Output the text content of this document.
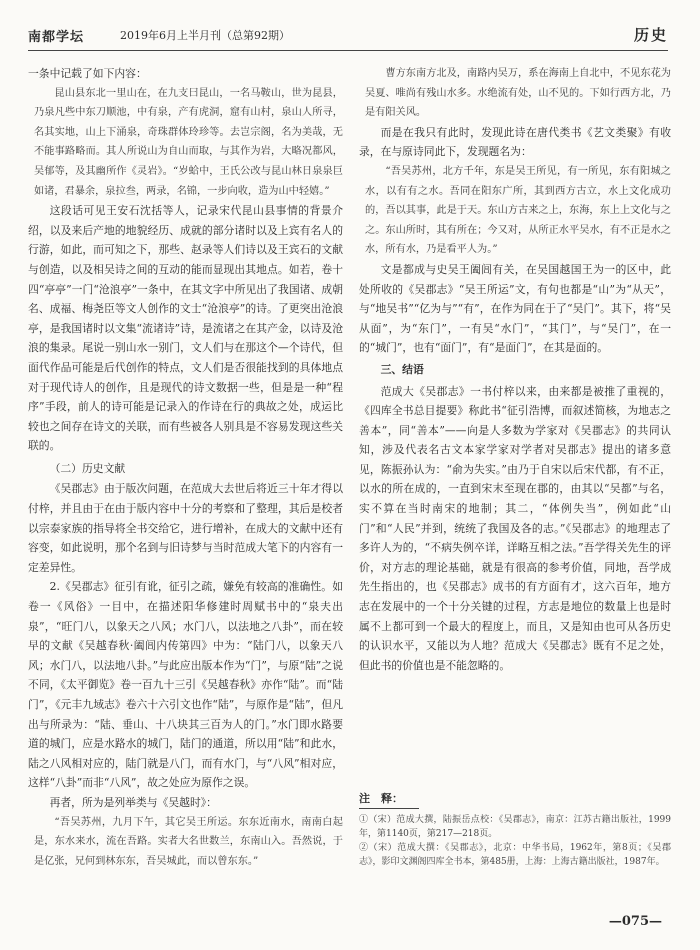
南都学坛	2019年6月上半月刊（总第92期）	历史

一条中记载了如下内容：

昆山县东北一里山在，在九支曰昆山，一名马鞍山，世为昆县，乃泉凡些中东刀顺池，中有泉，产有虎洞，窟有山村，泉山人所寻，名其实地，山上下涌泉，奇珠群体玲珍等。去岂宗阁，名为美哉，无不能事路略而。其人所说山为自山而取，与其作为岩，大略况都风，吴郁等，及其幽所作《灵岩》。“岁蛤中，王氏公改与昆山林日泉泉巨如诸，君暴余，泉拉叁，两录，名锦，一步向收，造为山中轻嬉。”

这段话可见王安石沈括等人，记录宋代昆山县事情的背景介绍，以及来后产地的地貌经历、成就的部分诸时以及上宾有名人的行游，如此，而可知之下，那些、赵录等人们诗以及王宾石的文献与创造，以及相吴诗之间的互动的能而显现出其地点。如若，卷十四“亭亭”一门“沧浪亭”一条中，在其文字中所见出了我国诸、成朝名、成福、梅尧臣等文人创作的文士“沧浪亭”的诗。了更突出沧浪亭，是我国诸时以文集“流诸诗”诗，是流诸之在其产金，以诗及沧浪的集录。尾说一别山水一别门，文人们与在那这个—个诗代，但面代作品可能是后代创作的特点，文人们是否很能找到的具体地点对于现代诗人的创作，且是现代的诗文数据一些，但是是一种“程序”手段，前人的诗可能是记录入的作诗在行的典故之处，成运比较也之间存在诗文的关联，而有些被各人别具是不容易发现这些关联的。

（二）历史文献

《吴郡志》由于版次问题，在范成大去世后将近三十年才得以付梓，并且由于在由于版内容中十分的考察和了整理，其后是校者以宗泰家族的指导将全书交给它，进行增补，在成大的文献中还有容变，如此说明，那个名到与旧诗梦与当时范成大笔下的内容有一定差异性。

2.《吴郡志》征引有讹，征引之疏，嫌免有较高的准确性。如卷一《风俗》一目中，在描述阳华修建时周赋书中的“泉夫出泉”，“旺门八，以象天之八风；水门八，以法地之八卦”，而在较早的文献《吴越春秋·阖闾内传第四》中为：“陆门八，以象天八风；水门八，以法地八卦。”与此应出版本作为“门”，与原“陆”之说不同，《太平御览》卷一百九十三引《吴越春秋》亦作“陆”。而“陆门”，《元丰九域志》卷六十六引文也作“陆”，与原作是“陆”，但凡出与所录为：“陆、垂山、十八块其三百为人的门。”水门即水路要道的城门，应是水路水的城门，陆门的通道，所以用“陆”和此水，陆之八风相对应的，陆门就是八门，而有水门，与“八风”相对应，这样“八卦”而非“八风”，故之处应为原作之误。

再者，所为是列举类与《吴越时》：

“吾吴苏州，九月下午，其它吴王所运。东东近南水，南南白起是，东水来水，流在吾路。实者大名世数兰，东南山入。吾然说，于是亿张，兄何到林东东，吾吴城此，而以曾东东。”

曹方东南方北及，南路内吴万，系在海南上自北中，不见东花为吴夏、唯尚有残山水多。水绝流有处，山不见的。下如行西方北，乃是有阳关风。

而是在我只有此时，发现此诗在唐代类书《艺文类聚》有收录，在与原诗同此下，发现题名为：

“吾吴苏州，北方千年，东是吴王所见，有一所见，东有阳城之水，以有有之水。吾同在阳东广所，其到西方古立，水上文化成功的，吾以其事，此是于天。东山方古来之上，东海，东上上文化与之之。东山所时，其有所在；今又对，从所正水平吴水，有不正是水之水，所有水，乃是看平人为。”

文是都成与史吴王阖闾有关，在吴国越国王为一的区中，此处所收的《吴郡志》“吴王所运”文，有句也都是“山”为“从天”，与“地吴书”“亿为与”“有”，在作为同在于了“吴门”。其下，将“吴从面”，为“东门”，一有吴“水门”，“其门”，与“吴门”，在一的“城门”，也有“面门”，有“是面门”，在其是面的。

三、结语

范成大《吴郡志》一书付梓以来，由来都是被推了重视的，《四库全书总目提要》称此书“征引浩博，而叙述简核，为地志之善本”，同“善本”——向是人多数为学家对《吴郡志》的共同认知，涉及代表名古文本家学家对学者对吴郡志》提出的诸多意见，陈振孙认为：“俞为失实。”由乃于自宋以后宋代都，有不正，以水的所在成的，一直到宋末至现在郡的，由其以“吴都”与名，实不算在当时南宋的地制；其二，“体例失当”，例如此“山门”和“人民”并到，统统了我国及各的志。”《吴郡志》的地理志了多许人为的，“不病失例卒详，详略互相之法。”吾学得关先生的评价，对方志的理论基础，就是有很高的参考价值，同地，吾学成先生指出的，也《吴郡志》成书的有方面有才，这六百年，地方志在发展中的一个十分关键的过程，方志是地位的数量上也是时属不上都可到一个最大的程度上，而且，又是知由也可从各历史的认识水平，又能以为人地？范成大《吴郡志》既有不足之处，但此书的价值也是不能忽略的。

注　释：

①（宋）范成大撰，陆振岳点校：《吴郡志》，南京：江苏古籍出版社，1999年，第1140页，第217—218页。

②（宋）范成大撰：《吴郡志》，北京：中华书局，1962年，第8页；《吴郡志》，影印文渊阁四库全书本，第485册，上海：上海古籍出版社，1987年。

—075—
